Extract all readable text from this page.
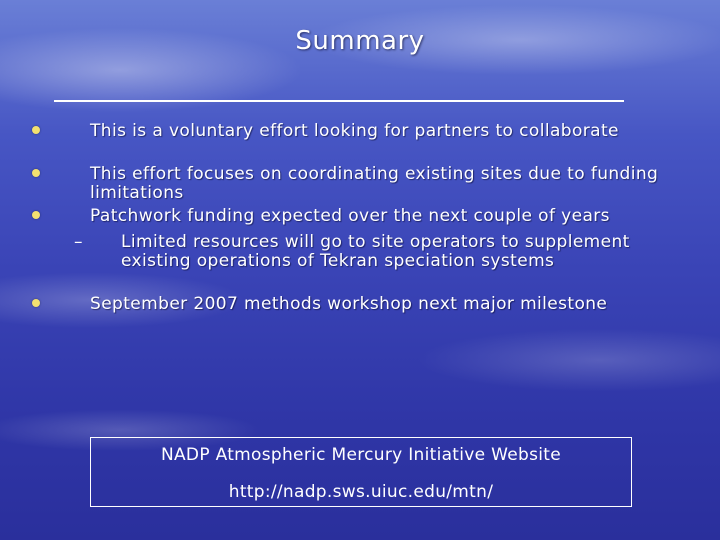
Summary
This is a voluntary effort looking for partners to collaborate
This effort focuses on coordinating existing sites due to funding limitations
Patchwork funding expected over the next couple of years
– Limited resources will go to site operators to supplement existing operations of Tekran speciation systems
September 2007 methods workshop next major milestone
NADP Atmospheric Mercury Initiative Website
http://nadp.sws.uiuc.edu/mtn/
